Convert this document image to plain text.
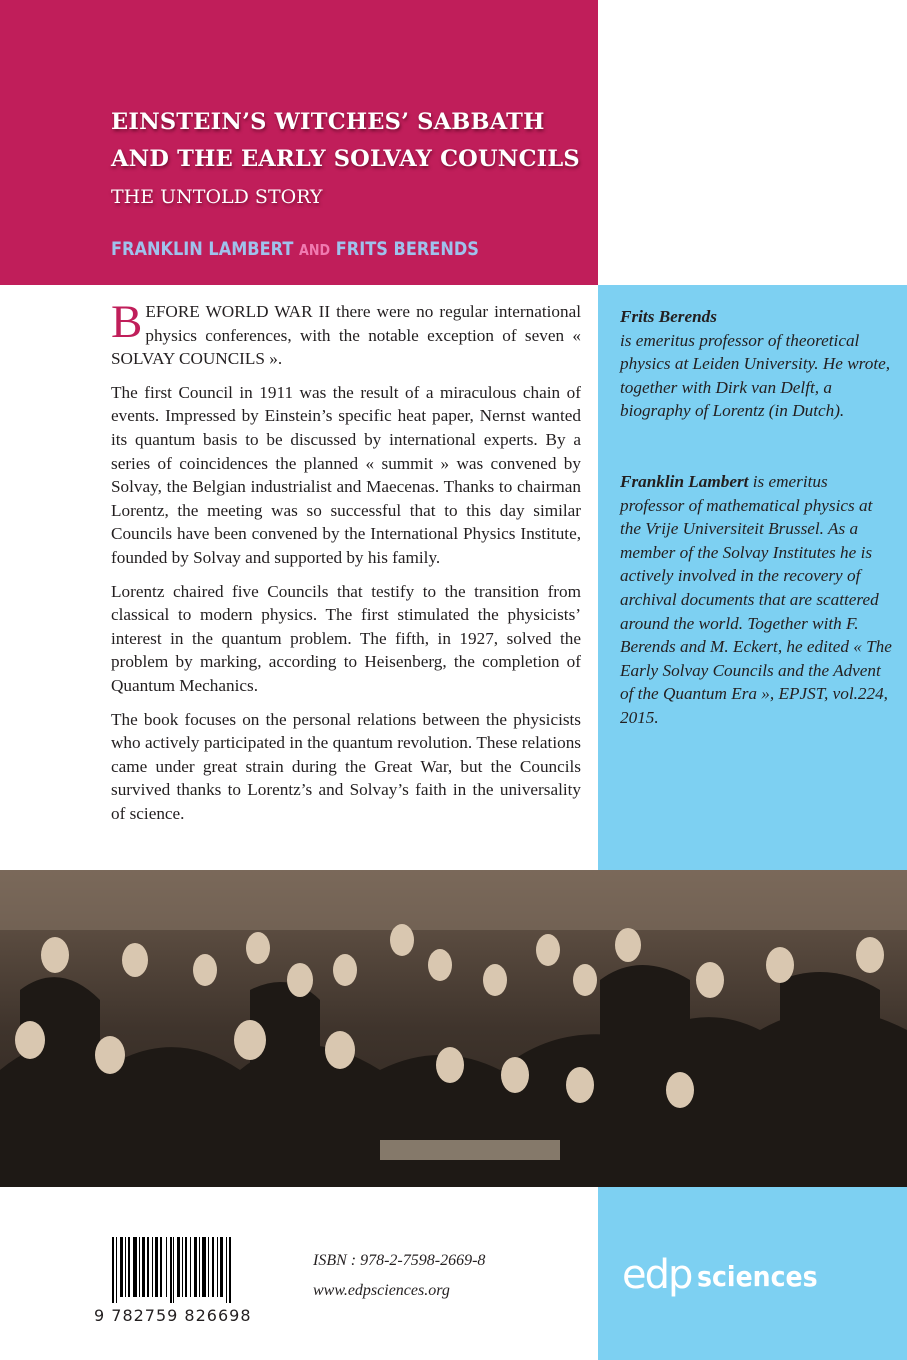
EINSTEIN’S WITCHES’ SABBATH
AND THE EARLY SOLVAY COUNCILS
THE UNTOLD STORY
FRANKLIN LAMBERT AND FRITS BERENDS

BEFORE WORLD WAR II there were no regular international physics conferences, with the notable exception of seven « SOLVAY COUNCILS ».

The first Council in 1911 was the result of a miraculous chain of events. Impressed by Einstein’s specific heat paper, Nernst wanted its quantum basis to be discussed by international experts. By a series of coincidences the planned « summit » was convened by Solvay, the Belgian industrialist and Maecenas. Thanks to chairman Lorentz, the meeting was so successful that to this day similar Councils have been convened by the International Physics Institute, founded by Solvay and supported by his family.

Lorentz chaired five Councils that testify to the transition from classical to modern physics. The first stimulated the physicists’ interest in the quantum problem. The fifth, in 1927, solved the problem by marking, according to Heisenberg, the completion of Quantum Mechanics.

The book focuses on the personal relations between the physicists who actively participated in the quantum revolution. These relations came under great strain during the Great War, but the Councils survived thanks to Lorentz’s and Solvay’s faith in the universality of science.

Frits Berends
is emeritus professor of theoretical physics at Leiden University. He wrote, together with Dirk van Delft, a biography of Lorentz (in Dutch).

Franklin Lambert is emeritus professor of mathematical physics at the Vrije Universiteit Brussel. As a member of the Solvay Institutes he is actively involved in the recovery of archival documents that are scattered around the world. Together with F. Berends and M. Eckert, he edited « The Early Solvay Councils and the Advent of the Quantum Era », EPJST, vol.224, 2015.

9 782759 826698
ISBN : 978-2-7598-2669-8
www.edpsciences.org	edp sciences
